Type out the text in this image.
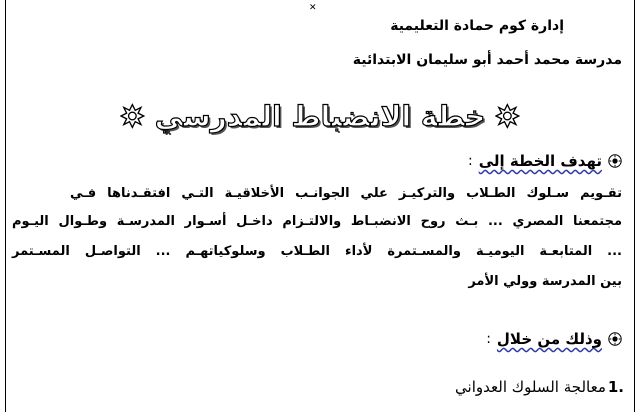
✕
إدارة كوم حمادة التعليمية
مدرسة محمد أحمد أبو سليمان الابتدائية
خطة الانضباط المدرسي
تهدف الخطة إلى
:
تقـويم سـلوك الطـلاب والتركيـز علي الجوانـب الأخلاقيـة التـي افتقـدناها فـي
مجتمعنا المصري ... بـث روح الانضبـاط والالتـزام داخـل أسـوار المدرسـة وطـوال اليـوم
... المتابعـة اليوميـة والمسـتمرة لأداء الطـلاب وسلوكياتهـم ... التواصـل المسـتمر
بين المدرسة وولي الأمر
وذلك من خلال
:
1.
معالجة السلوك العدواني
